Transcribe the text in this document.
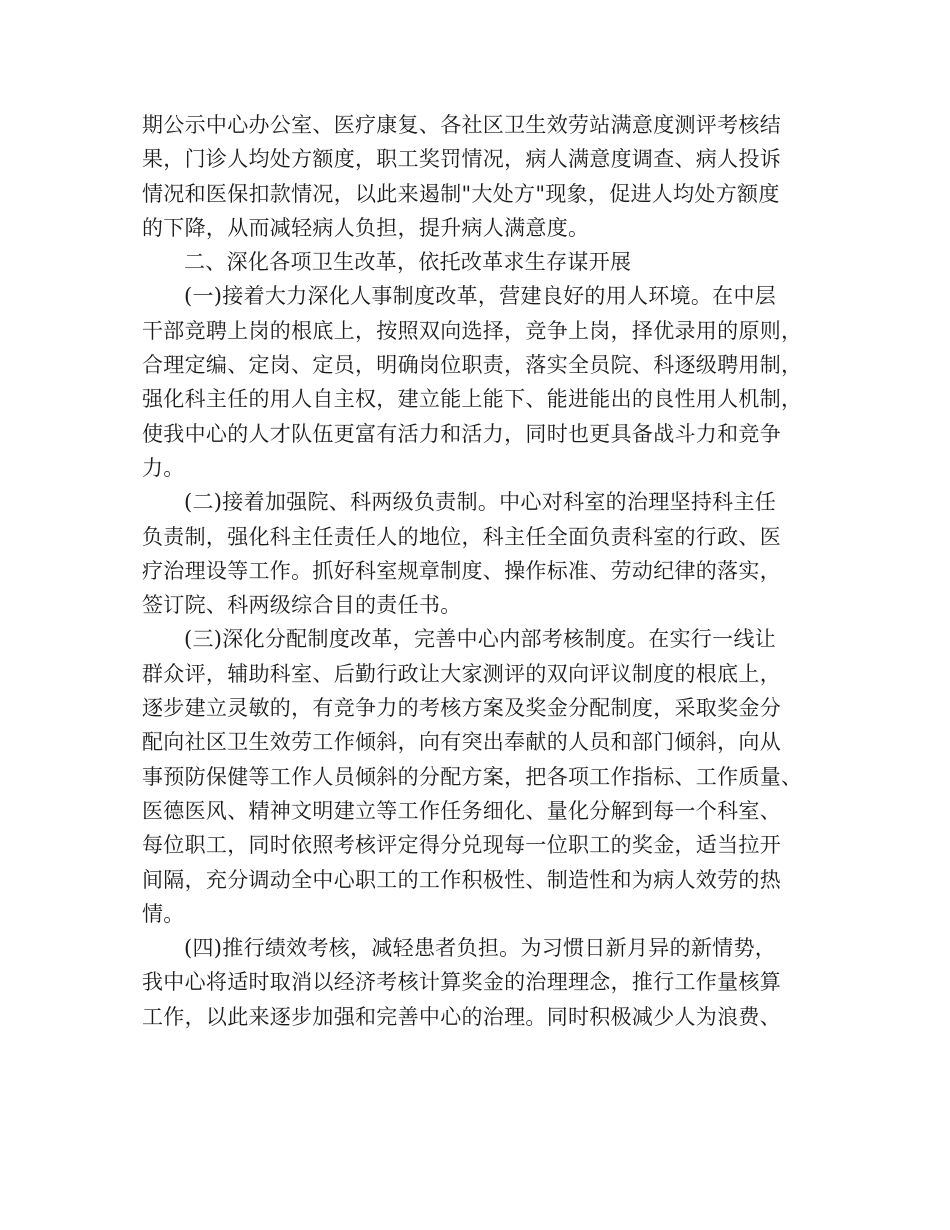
期公示中心办公室、医疗康复、各社区卫生效劳站满意度测评考核结
果，门诊人均处方额度，职工奖罚情况，病人满意度调查、病人投诉
情况和医保扣款情况，以此来遏制"大处方"现象，促进人均处方额度
的下降，从而减轻病人负担，提升病人满意度。
二、深化各项卫生改革，依托改革求生存谋开展
(一)接着大力深化人事制度改革，营建良好的用人环境。在中层
干部竞聘上岗的根底上，按照双向选择，竞争上岗，择优录用的原则，
合理定编、定岗、定员，明确岗位职责，落实全员院、科逐级聘用制，
强化科主任的用人自主权，建立能上能下、能进能出的良性用人机制，
使我中心的人才队伍更富有活力和活力，同时也更具备战斗力和竞争
力。
(二)接着加强院、科两级负责制。中心对科室的治理坚持科主任
负责制，强化科主任责任人的地位，科主任全面负责科室的行政、医
疗治理设等工作。抓好科室规章制度、操作标准、劳动纪律的落实，
签订院、科两级综合目的责任书。
(三)深化分配制度改革，完善中心内部考核制度。在实行一线让
群众评，辅助科室、后勤行政让大家测评的双向评议制度的根底上，
逐步建立灵敏的，有竞争力的考核方案及奖金分配制度，采取奖金分
配向社区卫生效劳工作倾斜，向有突出奉献的人员和部门倾斜，向从
事预防保健等工作人员倾斜的分配方案，把各项工作指标、工作质量、
医德医风、精神文明建立等工作任务细化、量化分解到每一个科室、
每位职工，同时依照考核评定得分兑现每一位职工的奖金，适当拉开
间隔，充分调动全中心职工的工作积极性、制造性和为病人效劳的热
情。
(四)推行绩效考核，减轻患者负担。为习惯日新月异的新情势，
我中心将适时取消以经济考核计算奖金的治理理念，推行工作量核算
工作，以此来逐步加强和完善中心的治理。同时积极减少人为浪费、
